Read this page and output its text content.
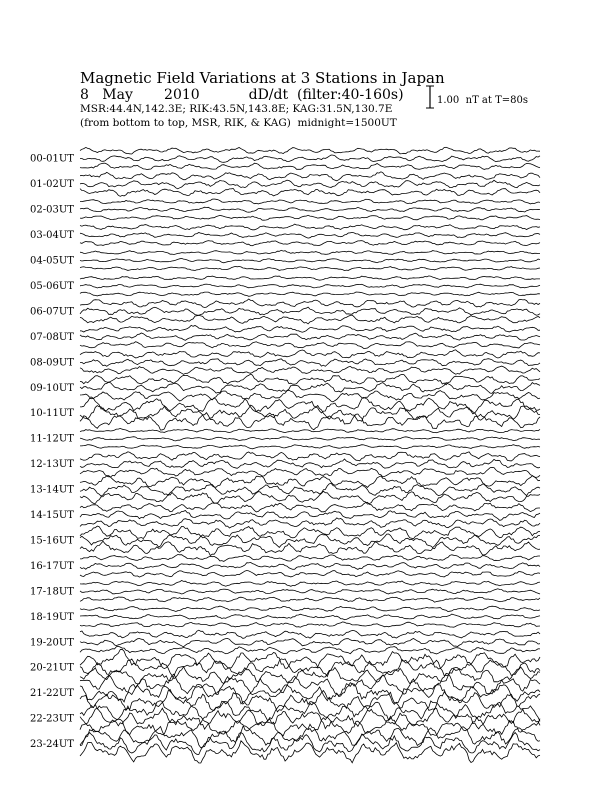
Magnetic Field Variations at 3 Stations in Japan
8 May 2010	dD/dt (filter:40-160s)
MSR:44.4N,142.3E; RIK:43.5N,143.8E; KAG:31.5N,130.7E
(from bottom to top, MSR, RIK, & KAG) midnight=1500UT
1.00  nT at T=80s
00-01UT
01-02UT
02-03UT
03-04UT
04-05UT
05-06UT
06-07UT
07-08UT
08-09UT
09-10UT
10-11UT
11-12UT
12-13UT
13-14UT
14-15UT
15-16UT
16-17UT
17-18UT
18-19UT
19-20UT
20-21UT
21-22UT
22-23UT
23-24UT
